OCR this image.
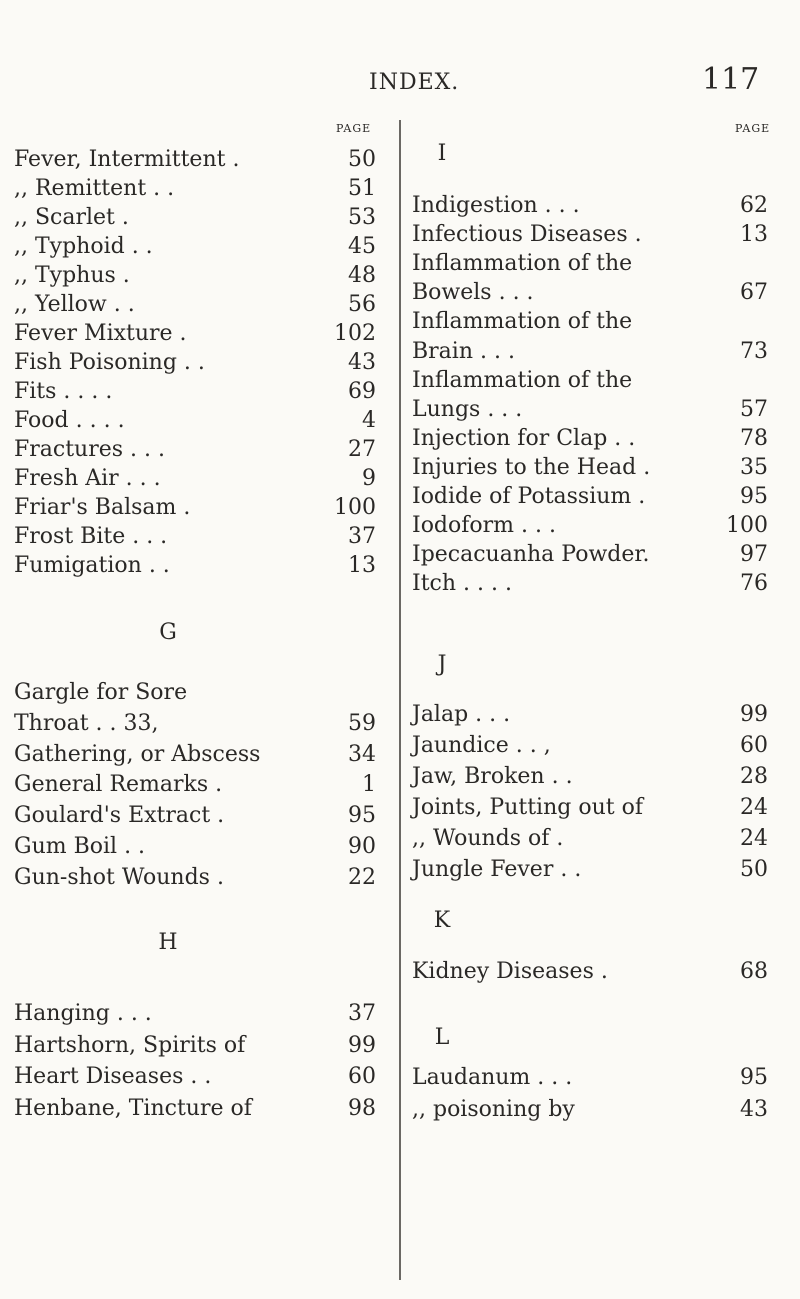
INDEX.	117
PAGE	PAGE
Fever, Intermittent .	50
,, Remittent . .	51
,, Scarlet .	53
,, Typhoid . .	45
,, Typhus .	48
,, Yellow . .	56
Fever Mixture .	102
Fish Poisoning . .	43
Fits . . . .	69
Food . . . .	4
Fractures . . .	27
Fresh Air . . .	9
Friar's Balsam .	100
Frost Bite . . .	37
Fumigation . .	13
G
Gargle for Sore
Throat . . 33,	59
Gathering, or Abscess	34
General Remarks .	1
Goulard's Extract .	95
Gum Boil . .	90
Gun-shot Wounds .	22
H
Hanging . . .	37
Hartshorn, Spirits of	99
Heart Diseases . .	60
Henbane, Tincture of	98
I
Indigestion . . .	62
Infectious Diseases .	13
Inflammation of the
Bowels . . .	67
Inflammation of the
Brain . . .	73
Inflammation of the
Lungs . . .	57
Injection for Clap . .	78
Injuries to the Head .	35
Iodide of Potassium .	95
Iodoform . . .	100
Ipecacuanha Powder.	97
Itch . . . .	76
J
Jalap . . .	99
Jaundice . . ,	60
Jaw, Broken . .	28
Joints, Putting out of	24
,, Wounds of .	24
Jungle Fever . .	50
K
Kidney Diseases .	68
L
Laudanum . . .	95
,, poisoning by	43
